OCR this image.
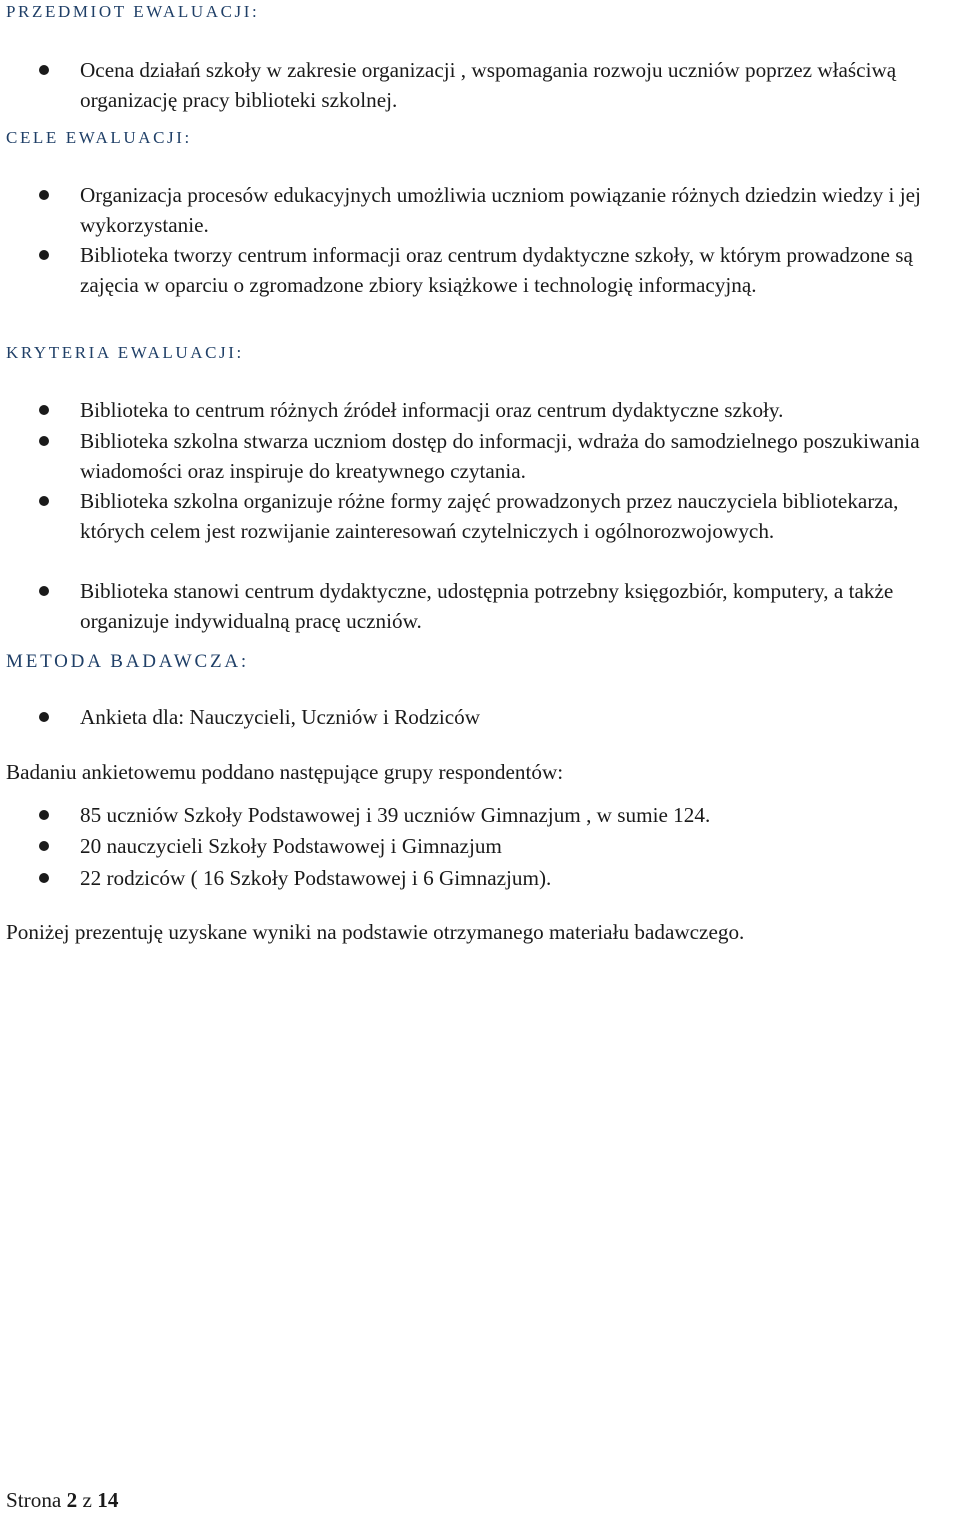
PRZEDMIOT EWALUACJI:
Ocena działań szkoły w zakresie organizacji , wspomagania rozwoju uczniów poprzez właściwą organizację pracy biblioteki szkolnej.
CELE EWALUACJI:
Organizacja procesów edukacyjnych umożliwia uczniom powiązanie różnych dziedzin wiedzy i jej wykorzystanie.
Biblioteka tworzy centrum informacji oraz centrum dydaktyczne szkoły, w którym prowadzone są zajęcia w oparciu o zgromadzone zbiory książkowe i technologię informacyjną.
KRYTERIA EWALUACJI:
Biblioteka to centrum różnych źródeł informacji oraz centrum dydaktyczne szkoły.
Biblioteka szkolna stwarza uczniom dostęp do informacji, wdraża do samodzielnego poszukiwania wiadomości oraz inspiruje do kreatywnego czytania.
Biblioteka szkolna organizuje różne formy zajęć prowadzonych przez nauczyciela bibliotekarza, których celem jest rozwijanie zainteresowań czytelniczych i ogólnorozwojowych.
Biblioteka stanowi centrum dydaktyczne, udostępnia potrzebny księgozbiór, komputery, a także organizuje indywidualną pracę uczniów.
METODA BADAWCZA:
Ankieta dla: Nauczycieli, Uczniów i Rodziców
Badaniu ankietowemu poddano następujące grupy respondentów:
85 uczniów Szkoły Podstawowej i 39 uczniów Gimnazjum , w sumie 124.
20 nauczycieli Szkoły Podstawowej i Gimnazjum
22 rodziców ( 16 Szkoły Podstawowej i 6 Gimnazjum).
Poniżej prezentuję uzyskane wyniki na podstawie otrzymanego materiału badawczego.
Strona 2 z 14
